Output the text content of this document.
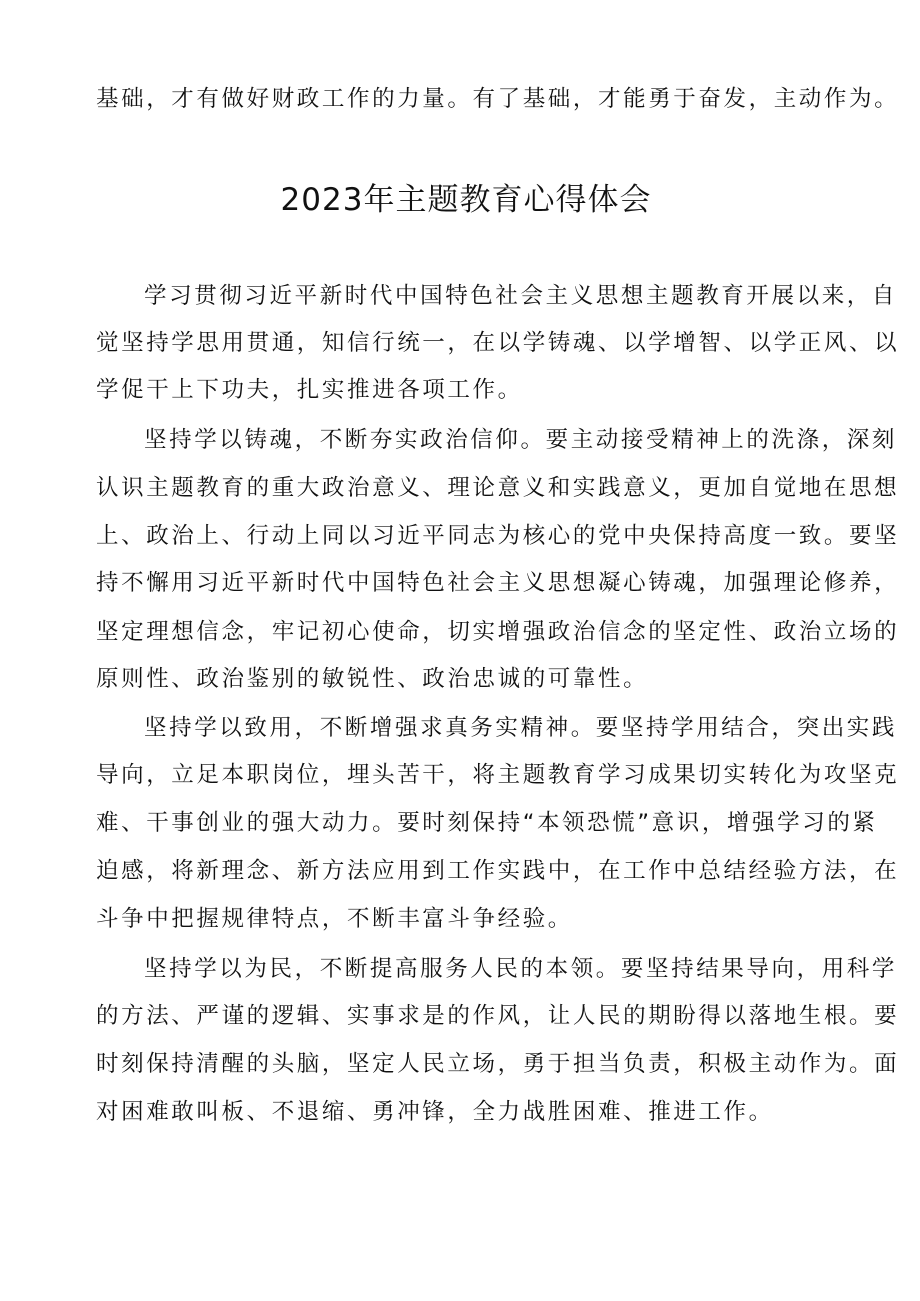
基础，才有做好财政工作的力量。有了基础，才能勇于奋发，主动作为。
2023年主题教育心得体会
学习贯彻习近平新时代中国特色社会主义思想主题教育开展以来，自
觉坚持学思用贯通，知信行统一，在以学铸魂、以学增智、以学正风、以
学促干上下功夫，扎实推进各项工作。
坚持学以铸魂，不断夯实政治信仰。要主动接受精神上的洗涤，深刻
认识主题教育的重大政治意义、理论意义和实践意义，更加自觉地在思想
上、政治上、行动上同以习近平同志为核心的党中央保持高度一致。要坚
持不懈用习近平新时代中国特色社会主义思想凝心铸魂，加强理论修养，
坚定理想信念，牢记初心使命，切实增强政治信念的坚定性、政治立场的
原则性、政治鉴别的敏锐性、政治忠诚的可靠性。
坚持学以致用，不断增强求真务实精神。要坚持学用结合，突出实践
导向，立足本职岗位，埋头苦干，将主题教育学习成果切实转化为攻坚克
难、干事创业的强大动力。要时刻保持“本领恐慌”意识，增强学习的紧
迫感，将新理念、新方法应用到工作实践中，在工作中总结经验方法，在
斗争中把握规律特点，不断丰富斗争经验。
坚持学以为民，不断提高服务人民的本领。要坚持结果导向，用科学
的方法、严谨的逻辑、实事求是的作风，让人民的期盼得以落地生根。要
时刻保持清醒的头脑，坚定人民立场，勇于担当负责，积极主动作为。面
对困难敢叫板、不退缩、勇冲锋，全力战胜困难、推进工作。
